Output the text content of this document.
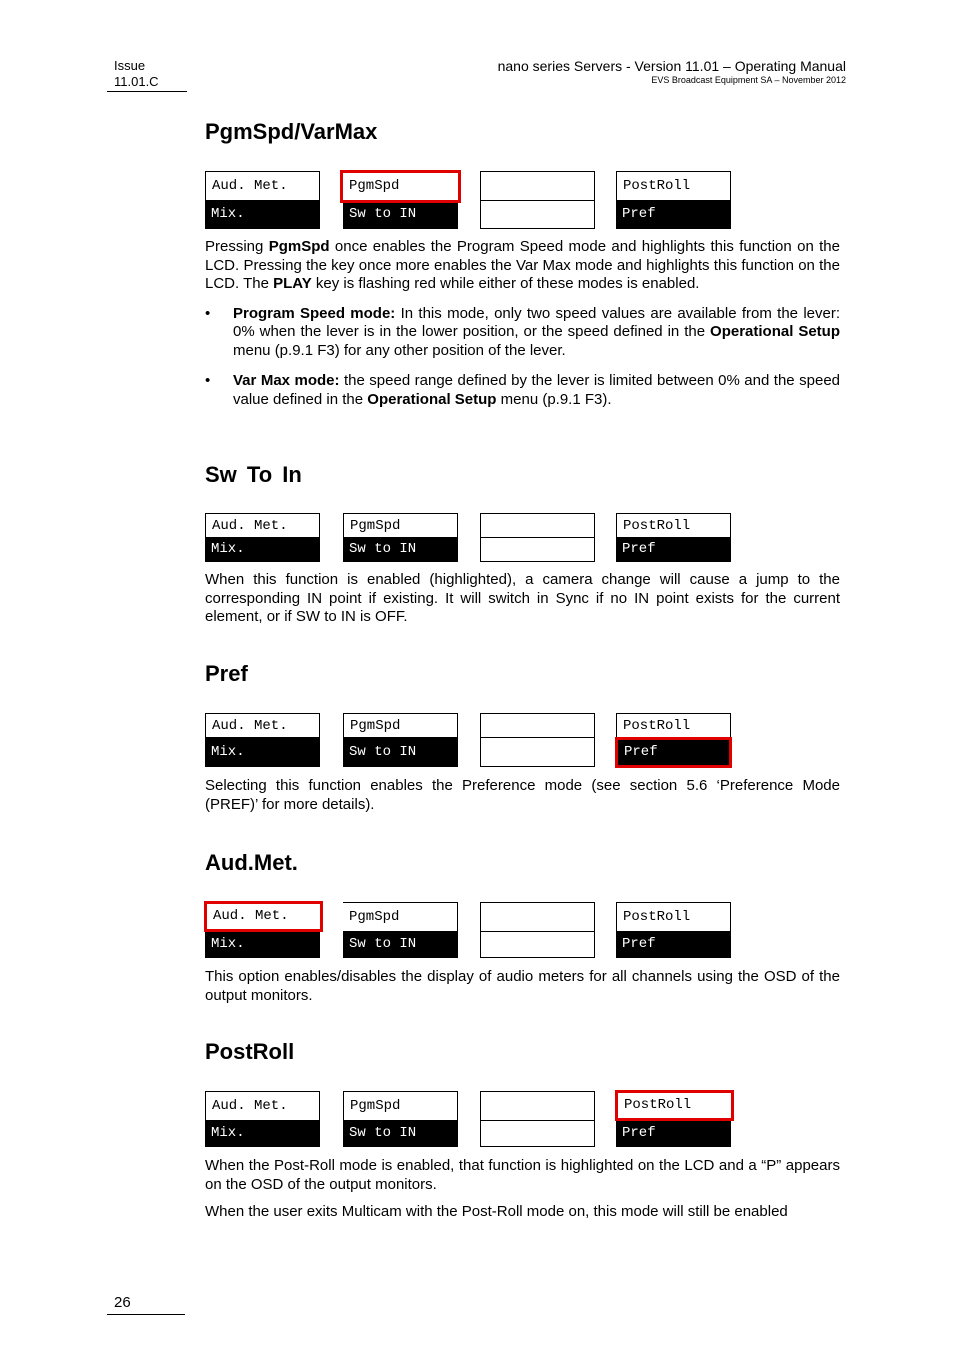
Issue
11.01.C
nano series Servers - Version 11.01 – Operating Manual
EVS Broadcast Equipment SA – November 2012
PgmSpd/VarMax
Aud. Met.
Mix.
PgmSpd
Sw to IN
PostRoll
Pref

Pressing PgmSpd once enables the Program Speed mode and highlights this function on the LCD. Pressing the key once more enables the Var Max mode and highlights this function on the LCD. The PLAY key is flashing red while either of these modes is enabled.

• Program Speed mode: In this mode, only two speed values are available from the lever: 0% when the lever is in the lower position, or the speed defined in the Operational Setup menu (p.9.1 F3) for any other position of the lever.
• Var Max mode: the speed range defined by the lever is limited between 0% and the speed value defined in the Operational Setup menu (p.9.1 F3).
Sw To In
Aud. Met.
Mix.
PgmSpd
Sw to IN
PostRoll
Pref

When this function is enabled (highlighted), a camera change will cause a jump to the corresponding IN point if existing. It will switch in Sync if no IN point exists for the current element, or if SW to IN is OFF.

Pref
Aud. Met.
Mix.
PgmSpd
Sw to IN
PostRoll
Pref

Selecting this function enables the Preference mode (see section 5.6 ‘Preference Mode (PREF)’ for more details).

Aud.Met.
Aud. Met.
Mix.
PgmSpd
Sw to IN
PostRoll
Pref

This option enables/disables the display of audio meters for all channels using the OSD of the output monitors.

PostRoll
Aud. Met.
Mix.
PgmSpd
Sw to IN
PostRoll
Pref

When the Post-Roll mode is enabled, that function is highlighted on the LCD and a “P” appears on the OSD of the output monitors.

When the user exits Multicam with the Post-Roll mode on, this mode will still be enabled

26
